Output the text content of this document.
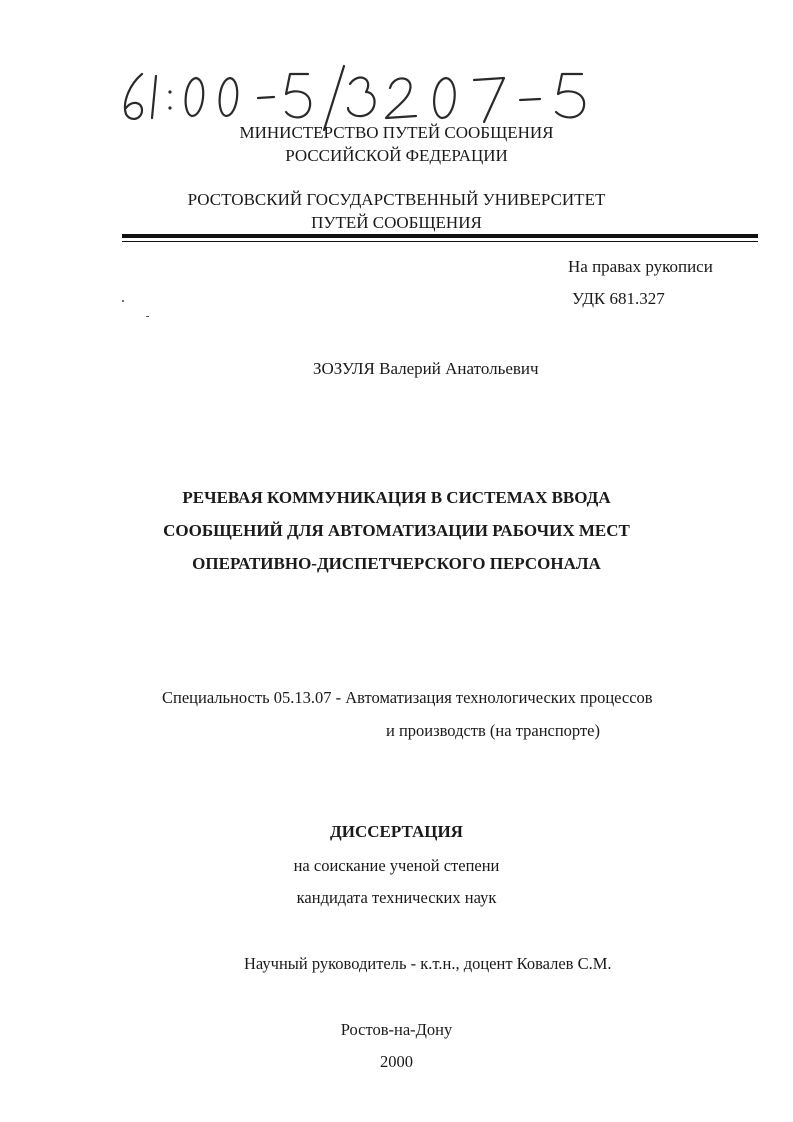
МИНИСТЕРСТВО ПУТЕЙ СООБЩЕНИЯ
РОССИЙСКОЙ ФЕДЕРАЦИИ
РОСТОВСКИЙ ГОСУДАРСТВЕННЫЙ УНИВЕРСИТЕТ
ПУТЕЙ СООБЩЕНИЯ
На правах рукописи
УДК 681.327
ЗОЗУЛЯ Валерий Анатольевич
РЕЧЕВАЯ КОММУНИКАЦИЯ В СИСТЕМАХ ВВОДА
СООБЩЕНИЙ ДЛЯ АВТОМАТИЗАЦИИ РАБОЧИХ МЕСТ
ОПЕРАТИВНО-ДИСПЕТЧЕРСКОГО ПЕРСОНАЛА
Специальность 05.13.07 - Автоматизация технологических процессов
и производств (на транспорте)
ДИССЕРТАЦИЯ
на соискание ученой степени
кандидата технических наук
Научный руководитель - к.т.н., доцент Ковалев С.М.
Ростов-на-Дону
2000
